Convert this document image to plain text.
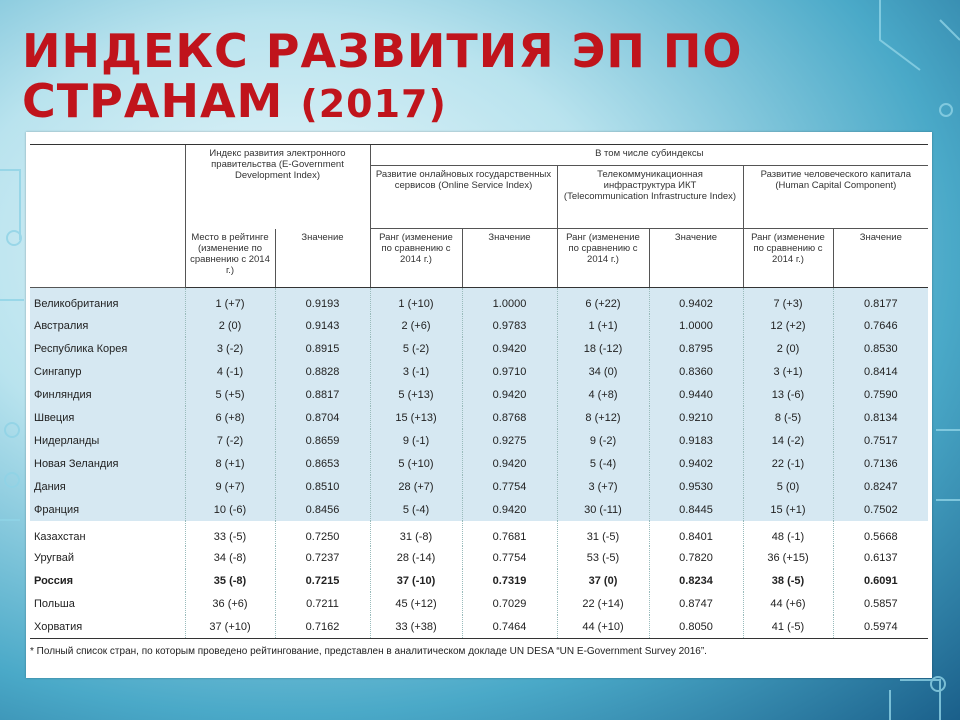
ИНДЕКС РАЗВИТИЯ ЭП ПО СТРАНАМ (2017)
	Индекс развития электронного правительства (E-Government Development Index)		В том числе субиндексы					
			Развитие онлайновых государственных сервисов (Online Service Index)		Телекоммуникационная инфраструктура ИКТ (Telecommunication Infrastructure Index)		Развитие человеческого капитала (Human Capital Component)	
	Место в рейтинге (изменение по сравнению с 2014 г.)	Значение	Ранг (изменение по сравнению с 2014 г.)	Значение	Ранг (изменение по сравнению с 2014 г.)	Значение	Ранг (изменение по сравнению с 2014 г.)	Значение
Великобритания	1 (+7)	0.9193	1 (+10)	1.0000	6 (+22)	0.9402	7 (+3)	0.8177
Австралия	2 (0)	0.9143	2 (+6)	0.9783	1 (+1)	1.0000	12 (+2)	0.7646
Республика Корея	3 (-2)	0.8915	5 (-2)	0.9420	18 (-12)	0.8795	2 (0)	0.8530
Сингапур	4 (-1)	0.8828	3 (-1)	0.9710	34 (0)	0.8360	3 (+1)	0.8414
Финляндия	5 (+5)	0.8817	5 (+13)	0.9420	4 (+8)	0.9440	13 (-6)	0.7590
Швеция	6 (+8)	0.8704	15 (+13)	0.8768	8 (+12)	0.9210	8 (-5)	0.8134
Нидерланды	7 (-2)	0.8659	9 (-1)	0.9275	9 (-2)	0.9183	14 (-2)	0.7517
Новая Зеландия	8 (+1)	0.8653	5 (+10)	0.9420	5 (-4)	0.9402	22 (-1)	0.7136
Дания	9 (+7)	0.8510	28 (+7)	0.7754	3 (+7)	0.9530	5 (0)	0.8247
Франция	10 (-6)	0.8456	5 (-4)	0.9420	30 (-11)	0.8445	15 (+1)	0.7502
Казахстан	33 (-5)	0.7250	31 (-8)	0.7681	31 (-5)	0.8401	48 (-1)	0.5668
Уругвай	34 (-8)	0.7237	28 (-14)	0.7754	53 (-5)	0.7820	36 (+15)	0.6137
Россия	35 (-8)	0.7215	37 (-10)	0.7319	37 (0)	0.8234	38 (-5)	0.6091
Польша	36 (+6)	0.7211	45 (+12)	0.7029	22 (+14)	0.8747	44 (+6)	0.5857
Хорватия	37 (+10)	0.7162	33 (+38)	0.7464	44 (+10)	0.8050	41 (-5)	0.5974

* Полный список стран, по которым проведено рейтингование, представлен в аналитическом докладе UN DESA “UN E-Government Survey 2016”.
